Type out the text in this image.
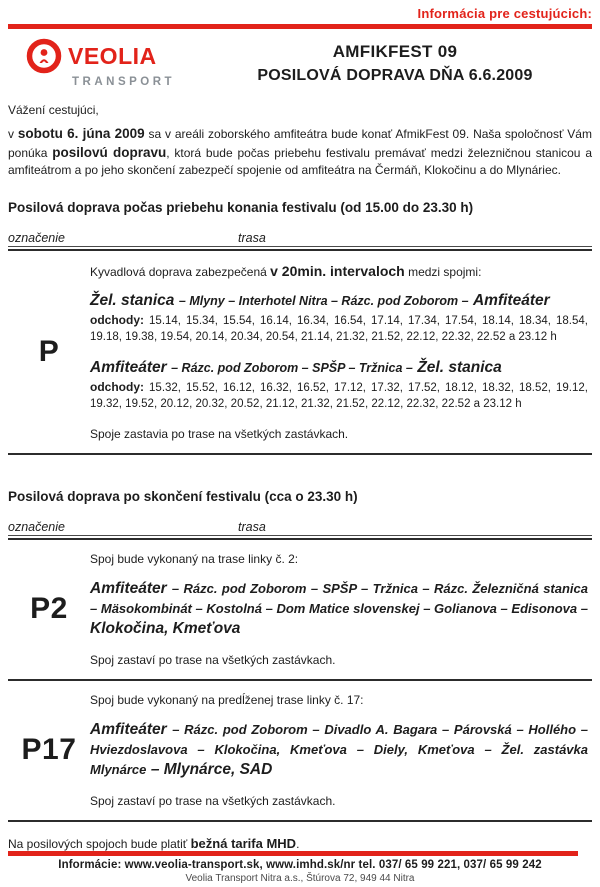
Informácia pre cestujúcich:
VEOLIA
TRANSPORT
AMFIKFEST 09
POSILOVÁ DOPRAVA DŇA 6.6.2009
Vážení cestujúci,
v sobotu 6. júna 2009 sa v areáli zoborského amfiteátra bude konať AfmikFest 09. Naša spoločnosť Vám ponúka posilovú dopravu, ktorá bude počas priebehu festivalu premávať medzi železničnou stanicou a amfiteátrom a po jeho skončení zabezpečí spojenie od amfiteátra na Čermáň, Klokočinu a do Mlynáriec.
Posilová doprava počas priebehu konania festivalu (od 15.00 do 23.30 h)
označenie	trasa
P
Kyvadlová doprava zabezpečená v 20min. intervaloch medzi spojmi:
Žel. stanica – Mlyny – Interhotel Nitra – Rázc. pod Zoborom – Amfiteáter
odchody: 15.14, 15.34, 15.54, 16.14, 16.34, 16.54, 17.14, 17.34, 17.54, 18.14, 18.34, 18.54, 19.18, 19.38, 19.54, 20.14, 20.34, 20.54, 21.14, 21.32, 21.52, 22.12, 22.32, 22.52 a 23.12 h
Amfiteáter – Rázc. pod Zoborom – SPŠP – Tržnica – Žel. stanica
odchody: 15.32, 15.52, 16.12, 16.32, 16.52, 17.12, 17.32, 17.52, 18.12, 18.32, 18.52, 19.12, 19.32, 19.52, 20.12, 20.32, 20.52, 21.12, 21.32, 21.52, 22.12, 22.32, 22.52 a 23.12 h
Spoje zastavia po trase na všetkých zastávkach.
Posilová doprava po skončení festivalu (cca o 23.30 h)
označenie	trasa
P2
Spoj bude vykonaný na trase linky č. 2:
Amfiteáter – Rázc. pod Zoborom – SPŠP – Tržnica – Rázc. Železničná stanica – Mäsokombinát – Kostolná – Dom Matice slovenskej – Golianova – Edisonova – Klokočina, Kmeťova
Spoj zastaví po trase na všetkých zastávkach.
P17
Spoj bude vykonaný na predĺženej trase linky č. 17:
Amfiteáter – Rázc. pod Zoborom – Divadlo A. Bagara – Párovská – Hollého – Hviezdoslavova – Klokočina, Kmeťova – Diely, Kmeťova – Žel. zastávka Mlynárce – Mlynárce, SAD
Spoj zastaví po trase na všetkých zastávkach.
Na posilových spojoch bude platiť bežná tarifa MHD.
Informácie: www.veolia-transport.sk, www.imhd.sk/nr tel. 037/ 65 99 221, 037/ 65 99 242
Veolia Transport Nitra a.s., Štúrova 72, 949 44 Nitra
